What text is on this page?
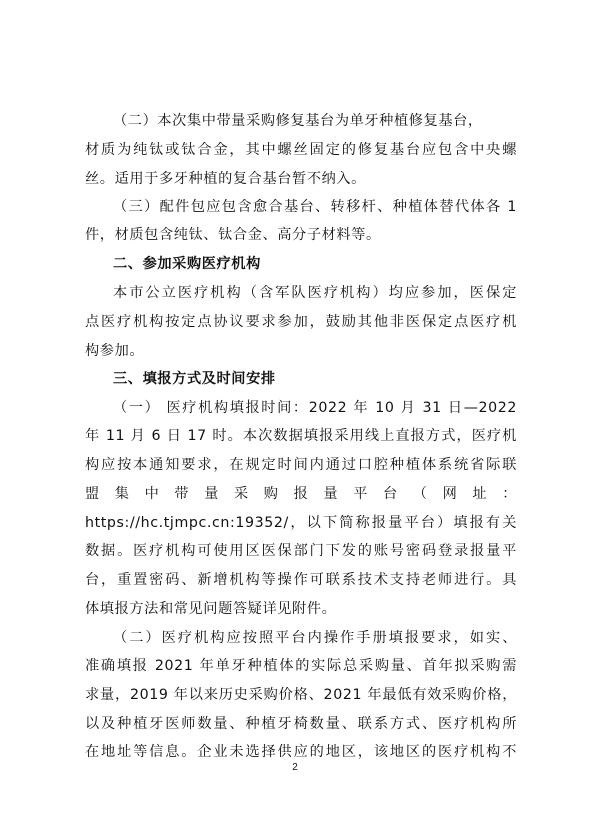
（二）本次集中带量采购修复基台为单牙种植修复基台，
材质为纯钛或钛合金，其中螺丝固定的修复基台应包含中央螺
丝。适用于多牙种植的复合基台暂不纳入。
（三）配件包应包含愈合基台、转移杆、种植体替代体各 1
件，材质包含纯钛、钛合金、高分子材料等。
二、参加采购医疗机构
本市公立医疗机构（含军队医疗机构）均应参加，医保定
点医疗机构按定点协议要求参加，鼓励其他非医保定点医疗机
构参加。
三、填报方式及时间安排
（一） 医疗机构填报时间：2022 年 10 月 31 日—2022
年 11 月 6 日 17 时。本次数据填报采用线上直报方式，医疗机
构应按本通知要求，在规定时间内通过口腔种植体系统省际联
盟 集 中 带 量 采 购 报 量 平 台 （ 网 址 ：
https://hc.tjmpc.cn:19352/，以下简称报量平台）填报有关
数据。医疗机构可使用区医保部门下发的账号密码登录报量平
台，重置密码、新增机构等操作可联系技术支持老师进行。具
体填报方法和常见问题答疑详见附件。
（二）医疗机构应按照平台内操作手册填报要求，如实、
准确填报 2021 年单牙种植体的实际总采购量、首年拟采购需
求量，2019 年以来历史采购价格、2021 年最低有效采购价格，
以及种植牙医师数量、种植牙椅数量、联系方式、医疗机构所
在地址等信息。企业未选择供应的地区，该地区的医疗机构不
2
